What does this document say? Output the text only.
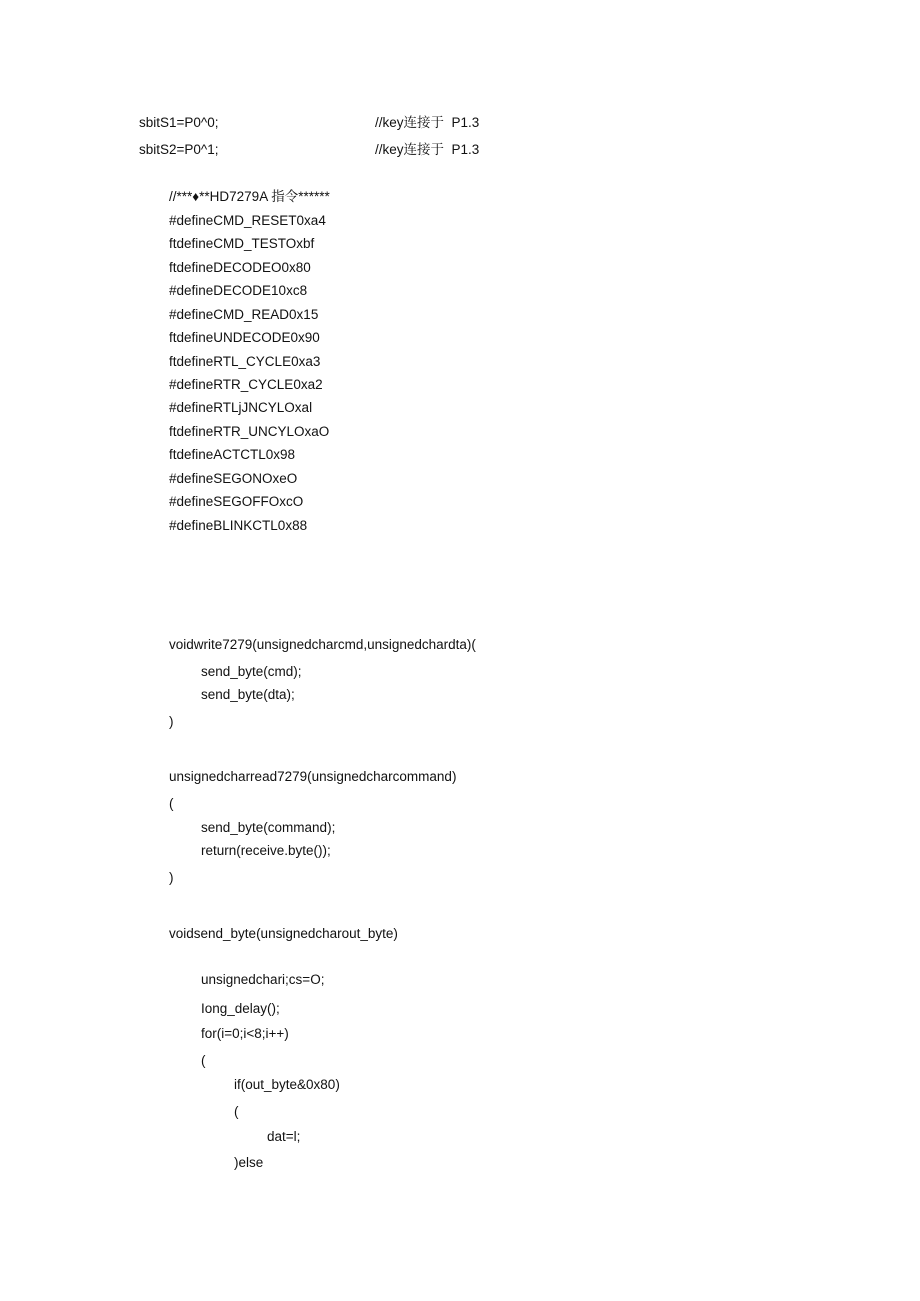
sbitS1=P0^0;	//key连接于  P1.3
sbitS2=P0^1;	//key连接于  P1.3
//***♦**HD7279A 指令******
#defineCMD_RESET0xa4
ftdefineCMD_TESTOxbf
ftdefineDECODEO0x80
#defineDECODE10xc8
#defineCMD_READ0x15
ftdefineUNDECODE0x90
ftdefineRTL_CYCLE0xa3
#defineRTR_CYCLE0xa2
#defineRTLjJNCYLOxal
ftdefineRTR_UNCYLOxaO
ftdefineACTCTL0x98
#defineSEGONOxeO
#defineSEGOFFOxcO
#defineBLINKCTL0x88
voidwrite7279(unsignedcharcmd,unsignedchardta)(
send_byte(cmd);
send_byte(dta);
)
unsignedcharread7279(unsignedcharcommand)
(
send_byte(command);
return(receive.byte());
)
voidsend_byte(unsignedcharout_byte)
unsignedchari;cs=O;
Iong_delay();
for(i=0;i<8;i++)
(
if(out_byte&0x80)
(
dat=l;
)else
